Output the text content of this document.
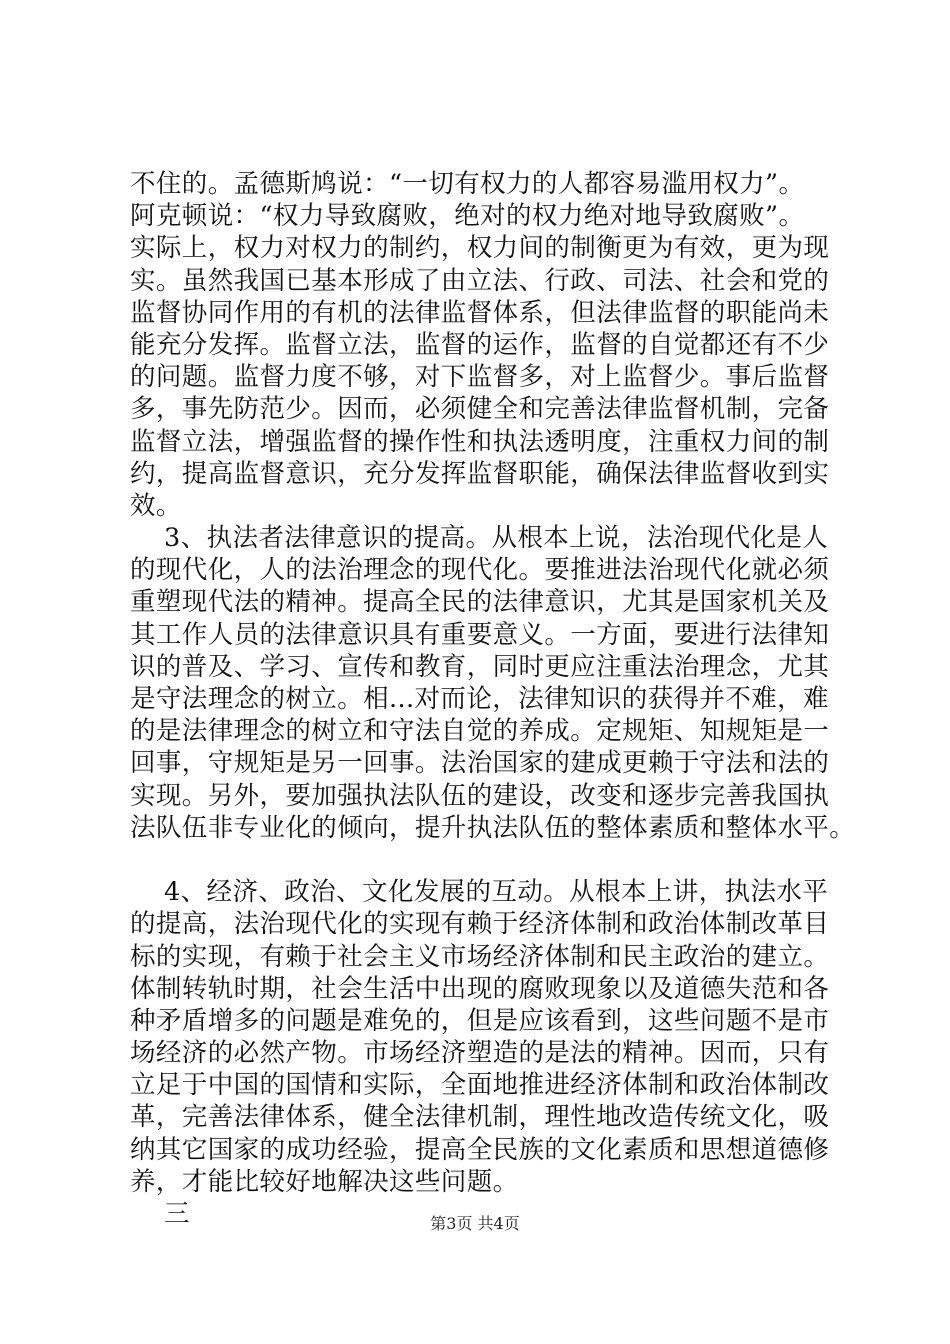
不住的。孟德斯鸠说：“一切有权力的人都容易滥用权力”。
阿克顿说：“权力导致腐败，绝对的权力绝对地导致腐败”。
实际上，权力对权力的制约，权力间的制衡更为有效，更为现
实。虽然我国已基本形成了由立法、行政、司法、社会和党的
监督协同作用的有机的法律监督体系，但法律监督的职能尚未
能充分发挥。监督立法，监督的运作，监督的自觉都还有不少
的问题。监督力度不够，对下监督多，对上监督少。事后监督
多，事先防范少。因而，必须健全和完善法律监督机制，完备
监督立法，增强监督的操作性和执法透明度，注重权力间的制
约，提高监督意识，充分发挥监督职能，确保法律监督收到实
效。
3、执法者法律意识的提高。从根本上说，法治现代化是人
的现代化，人的法治理念的现代化。要推进法治现代化就必须
重塑现代法的精神。提高全民的法律意识，尤其是国家机关及
其工作人员的法律意识具有重要意义。一方面，要进行法律知
识的普及、学习、宣传和教育，同时更应注重法治理念，尤其
是守法理念的树立。相...对而论，法律知识的获得并不难，难
的是法律理念的树立和守法自觉的养成。定规矩、知规矩是一
回事，守规矩是另一回事。法治国家的建成更赖于守法和法的
实现。另外，要加强执法队伍的建设，改变和逐步完善我国执
法队伍非专业化的倾向，提升执法队伍的整体素质和整体水平。
4、经济、政治、文化发展的互动。从根本上讲，执法水平
的提高，法治现代化的实现有赖于经济体制和政治体制改革目
标的实现，有赖于社会主义市场经济体制和民主政治的建立。
体制转轨时期，社会生活中出现的腐败现象以及道德失范和各
种矛盾增多的问题是难免的，但是应该看到，这些问题不是市
场经济的必然产物。市场经济塑造的是法的精神。因而，只有
立足于中国的国情和实际，全面地推进经济体制和政治体制改
革，完善法律体系，健全法律机制，理性地改造传统文化，吸
纳其它国家的成功经验，提高全民族的文化素质和思想道德修
养，才能比较好地解决这些问题。
三	第3页 共4页
